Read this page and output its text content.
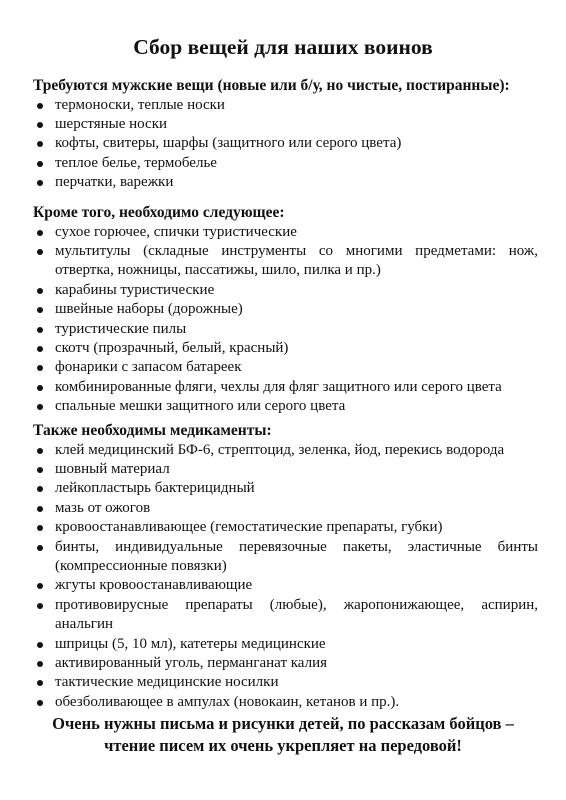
Сбор вещей для наших воинов
Требуются мужские вещи (новые или б/у, но чистые, постиранные):
термоноски, теплые носки
шерстяные носки
кофты, свитеры, шарфы (защитного или серого цвета)
теплое белье, термобелье
перчатки, варежки
Кроме того, необходимо следующее:
сухое горючее, спички туристические
мультитулы (складные инструменты со многими предметами: нож, отвертка, ножницы, пассатижы, шило, пилка и пр.)
карабины туристические
швейные наборы (дорожные)
туристические пилы
скотч (прозрачный, белый, красный)
фонарики с запасом батареек
комбинированные фляги, чехлы для фляг защитного или серого цвета
спальные мешки защитного или серого цвета
Также необходимы медикаменты:
клей медицинский БФ-6, стрептоцид, зеленка, йод, перекись водорода
шовный материал
лейкопластырь бактерицидный
мазь от ожогов
кровоостанавливающее (гемостатические препараты, губки)
бинты, индивидуальные перевязочные пакеты, эластичные бинты (компрессионные повязки)
жгуты кровоостанавливающие
противовирусные препараты (любые), жаропонижающее, аспирин, анальгин
шприцы (5, 10 мл), катетеры медицинские
активированный уголь, перманганат калия
тактические медицинские носилки
обезболивающее в ампулах (новокаин, кетанов и пр.).
Очень нужны письма и рисунки детей, по рассказам бойцов –
чтение писем их очень укрепляет на передовой!
